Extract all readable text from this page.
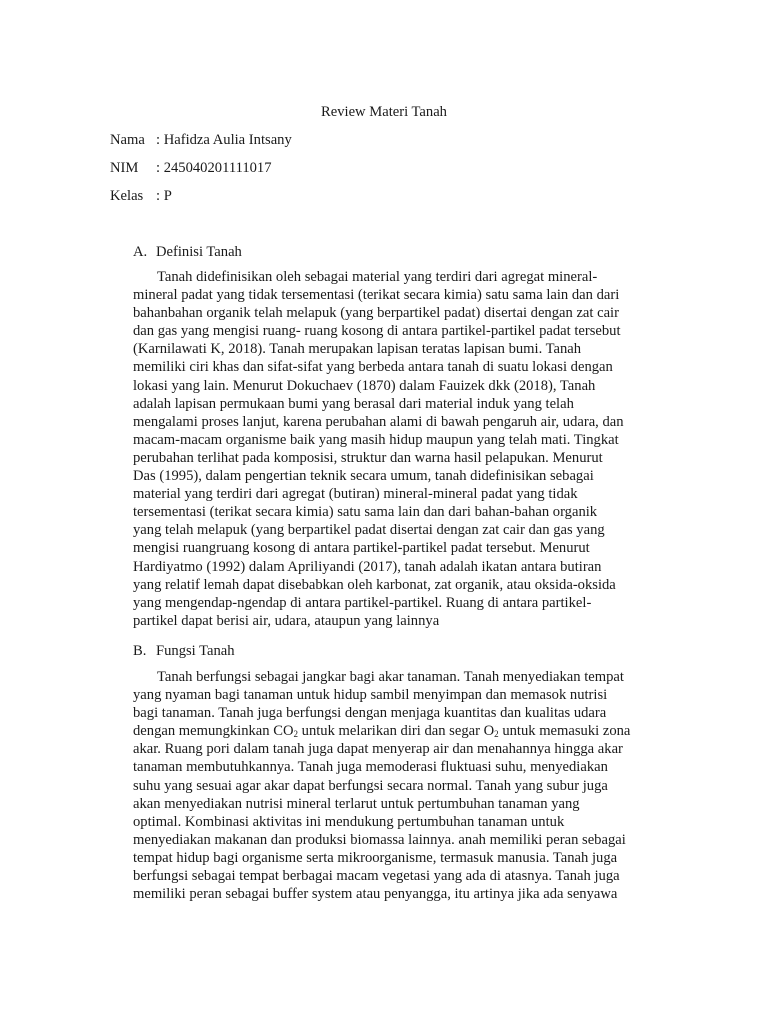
Review Materi Tanah
Nama : Hafidza Aulia Intsany
NIM : 245040201111017
Kelas : P
A. Definisi Tanah
Tanah didefinisikan oleh sebagai material yang terdiri dari agregat mineral-
mineral padat yang tidak tersementasi (terikat secara kimia) satu sama lain dan dari
bahanbahan organik telah melapuk (yang berpartikel padat) disertai dengan zat cair
dan gas yang mengisi ruang- ruang kosong di antara partikel-partikel padat tersebut
(Karnilawati K, 2018). Tanah merupakan lapisan teratas lapisan bumi. Tanah
memiliki ciri khas dan sifat-sifat yang berbeda antara tanah di suatu lokasi dengan
lokasi yang lain. Menurut Dokuchaev (1870) dalam Fauizek dkk (2018), Tanah
adalah lapisan permukaan bumi yang berasal dari material induk yang telah
mengalami proses lanjut, karena perubahan alami di bawah pengaruh air, udara, dan
macam-macam organisme baik yang masih hidup maupun yang telah mati. Tingkat
perubahan terlihat pada komposisi, struktur dan warna hasil pelapukan. Menurut
Das (1995), dalam pengertian teknik secara umum, tanah didefinisikan sebagai
material yang terdiri dari agregat (butiran) mineral-mineral padat yang tidak
tersementasi (terikat secara kimia) satu sama lain dan dari bahan-bahan organik
yang telah melapuk (yang berpartikel padat disertai dengan zat cair dan gas yang
mengisi ruangruang kosong di antara partikel-partikel padat tersebut. Menurut
Hardiyatmo (1992) dalam Apriliyandi (2017), tanah adalah ikatan antara butiran
yang relatif lemah dapat disebabkan oleh karbonat, zat organik, atau oksida-oksida
yang mengendap-ngendap di antara partikel-partikel. Ruang di antara partikel-
partikel dapat berisi air, udara, ataupun yang lainnya
B. Fungsi Tanah
Tanah berfungsi sebagai jangkar bagi akar tanaman. Tanah menyediakan tempat
yang nyaman bagi tanaman untuk hidup sambil menyimpan dan memasok nutrisi
bagi tanaman. Tanah juga berfungsi dengan menjaga kuantitas dan kualitas udara
dengan memungkinkan $CO_2$ untuk melarikan diri dan segar $O_2$ untuk memasuki zona
akar. Ruang pori dalam tanah juga dapat menyerap air dan menahannya hingga akar
tanaman membutuhkannya. Tanah juga memoderasi fluktuasi suhu, menyediakan
suhu yang sesuai agar akar dapat berfungsi secara normal. Tanah yang subur juga
akan menyediakan nutrisi mineral terlarut untuk pertumbuhan tanaman yang
optimal. Kombinasi aktivitas ini mendukung pertumbuhan tanaman untuk
menyediakan makanan dan produksi biomassa lainnya. anah memiliki peran sebagai
tempat hidup bagi organisme serta mikroorganisme, termasuk manusia. Tanah juga
berfungsi sebagai tempat berbagai macam vegetasi yang ada di atasnya. Tanah juga
memiliki peran sebagai buffer system atau penyangga, itu artinya jika ada senyawa
